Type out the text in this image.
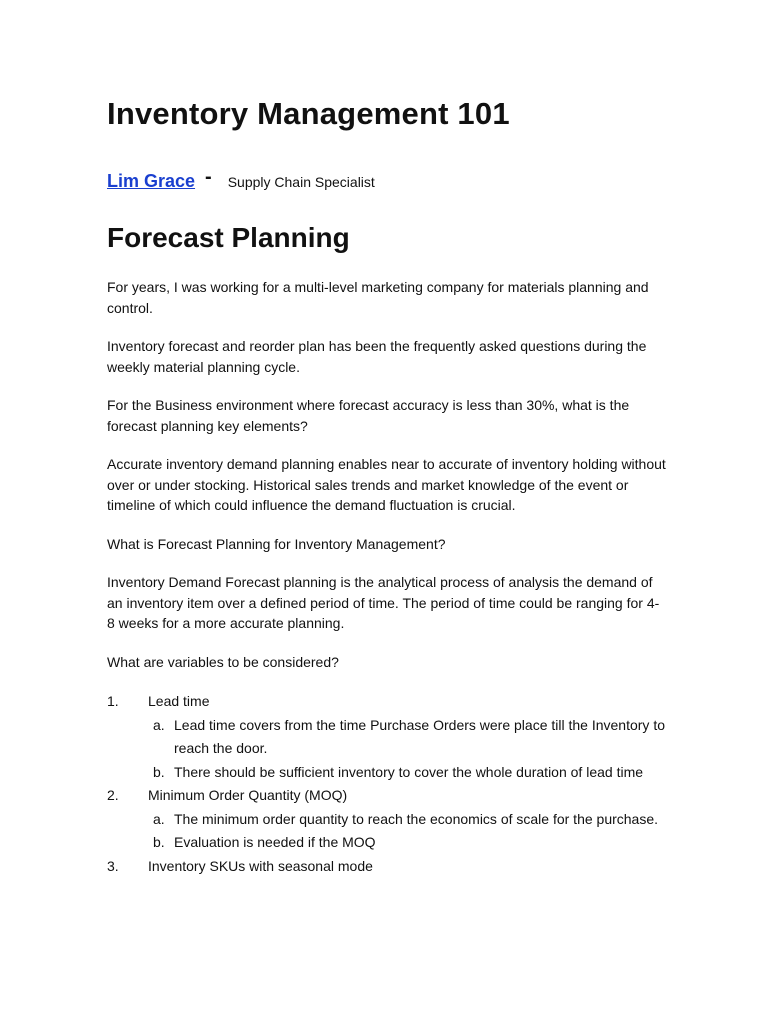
Inventory Management 101
Lim Grace - Supply Chain Specialist
Forecast Planning

For years, I was working for a multi-level marketing company for materials planning and control.

Inventory forecast and reorder plan has been the frequently asked questions during the weekly material planning cycle.

For the Business environment where forecast accuracy is less than 30%, what is the forecast planning key elements?

Accurate inventory demand planning enables near to accurate of inventory holding without over or under stocking. Historical sales trends and market knowledge of the event or timeline of which could influence the demand fluctuation is crucial.

What is Forecast Planning for Inventory Management?

Inventory Demand Forecast planning is the analytical process of analysis the demand of an inventory item over a defined period of time. The period of time could be ranging for 4-8 weeks for a more accurate planning.

What are variables to be considered?

1. Lead time
a. Lead time covers from the time Purchase Orders were place till the Inventory to reach the door.
b. There should be sufficient inventory to cover the whole duration of lead time
2. Minimum Order Quantity (MOQ)
a. The minimum order quantity to reach the economics of scale for the purchase.
b. Evaluation is needed if the MOQ
3. Inventory SKUs with seasonal mode
